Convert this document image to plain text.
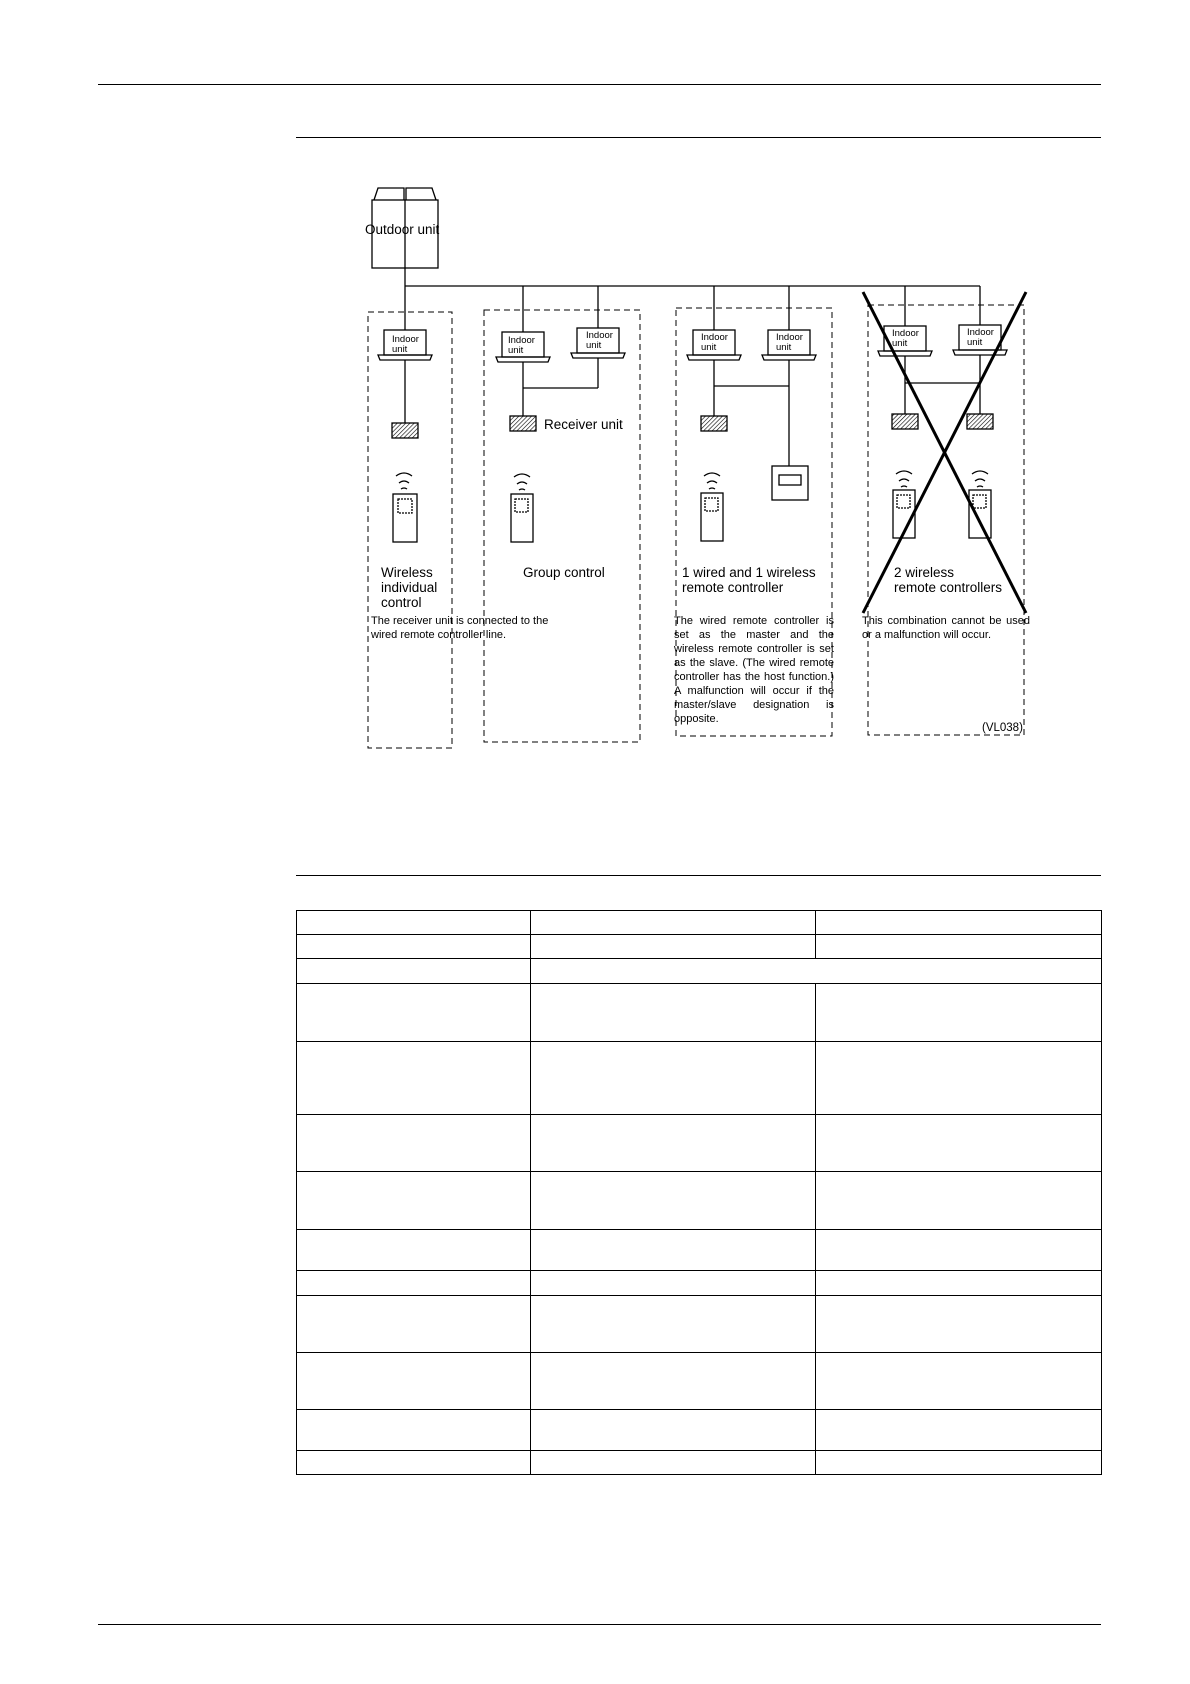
Outdoor unit
Indoor
unit
Indoor
unit
Indoor
unit
Indoor
unit
Indoor
unit
Indoor
unit
Indoor
unit
Receiver unit
Wireless
individual
control
Group control	1 wired and 1 wireless
remote controller
2 wireless
remote controllers
The receiver unit is connected to the wired remote controller line.
The wired remote controller is set as the master and the wireless remote controller is set as the slave. (The wired remote controller has the host function.) A malfunction will occur if the master/slave designation is opposite.
This combination cannot be used or a malfunction will occur.
(VL038)
